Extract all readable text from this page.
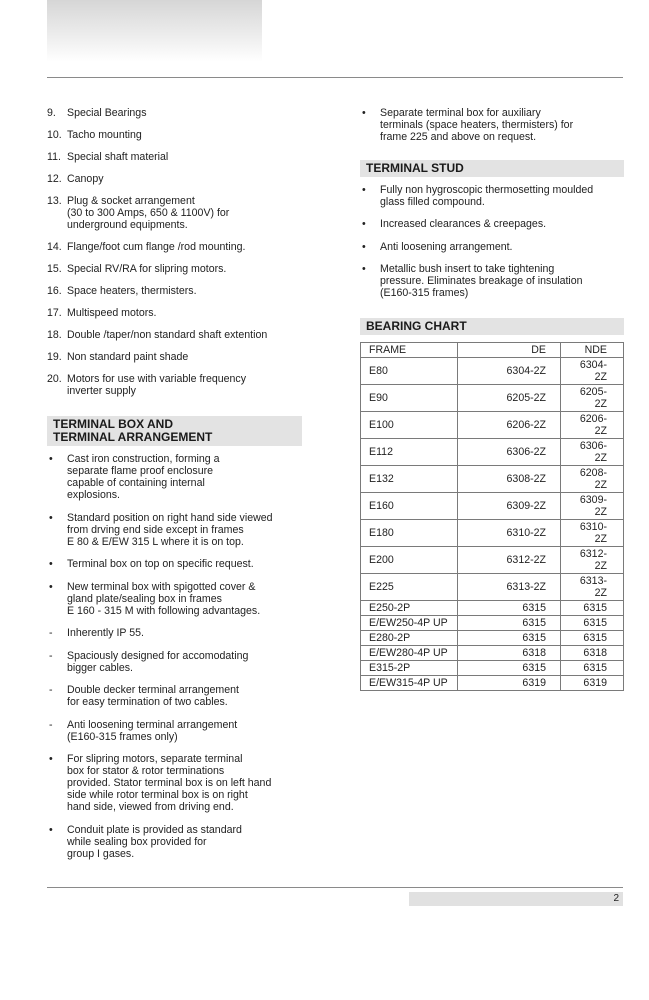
9.	Special Bearings
10. Tacho mounting
11. Special shaft material
12. Canopy
13. Plug & socket arrangement
(30 to 300 Amps, 650 & 1100V) for
underground equipments.
14. Flange/foot cum flange /rod mounting.
15. Special RV/RA for slipring motors.
16. Space heaters, thermisters.
17. Multispeed motors.
18. Double /taper/non standard shaft extention
19. Non standard paint shade
20. Motors for use with variable frequency
inverter supply
TERMINAL BOX AND
TERMINAL ARRANGEMENT
•	Cast iron construction, forming a
separate flame proof enclosure
capable of containing internal
explosions.
•	Standard position on right hand side viewed
from drving end side except in frames
E 80 & E/EW 315 L where it is on top.
•	Terminal box on top on specific request.
•	New terminal box with spigotted cover &
gland plate/sealing box in frames
E 160 - 315 M with following advantages.
-	Inherently IP 55.
-	Spaciously designed for accomodating
bigger cables.
-	Double decker terminal arrangement
for easy termination of two cables.
-	Anti loosening terminal arrangement
(E160-315 frames only)
•	For slipring motors, separate terminal
box for stator & rotor terminations
provided. Stator terminal box is on left hand
side while rotor terminal box is on right
hand side, viewed from driving end.
•	Conduit plate is provided as standard
while sealing box provided for
group I gases.
•	Separate terminal box for auxiliary
terminals (space heaters, thermisters) for
frame 225 and above on request.
TERMINAL STUD
•	Fully non hygroscopic thermosetting moulded
glass filled compound.
•	Increased clearances & creepages.
•	Anti loosening arrangement.
•	Metallic bush insert to take tightening
pressure. Eliminates breakage of insulation
(E160-315 frames)
BEARING CHART
FRAME	DE	NDE
E80	6304-2Z	6304-2Z
E90	6205-2Z	6205-2Z
E100	6206-2Z	6206-2Z
E112	6306-2Z	6306-2Z
E132	6308-2Z	6208-2Z
E160	6309-2Z	6309-2Z
E180	6310-2Z	6310-2Z
E200	6312-2Z	6312-2Z
E225	6313-2Z	6313-2Z
E250-2P	6315	6315
E/EW250-4P UP	6315	6315
E280-2P	6315	6315
E/EW280-4P UP	6318	6318
E315-2P	6315	6315
E/EW315-4P UP	6319	6319
2
